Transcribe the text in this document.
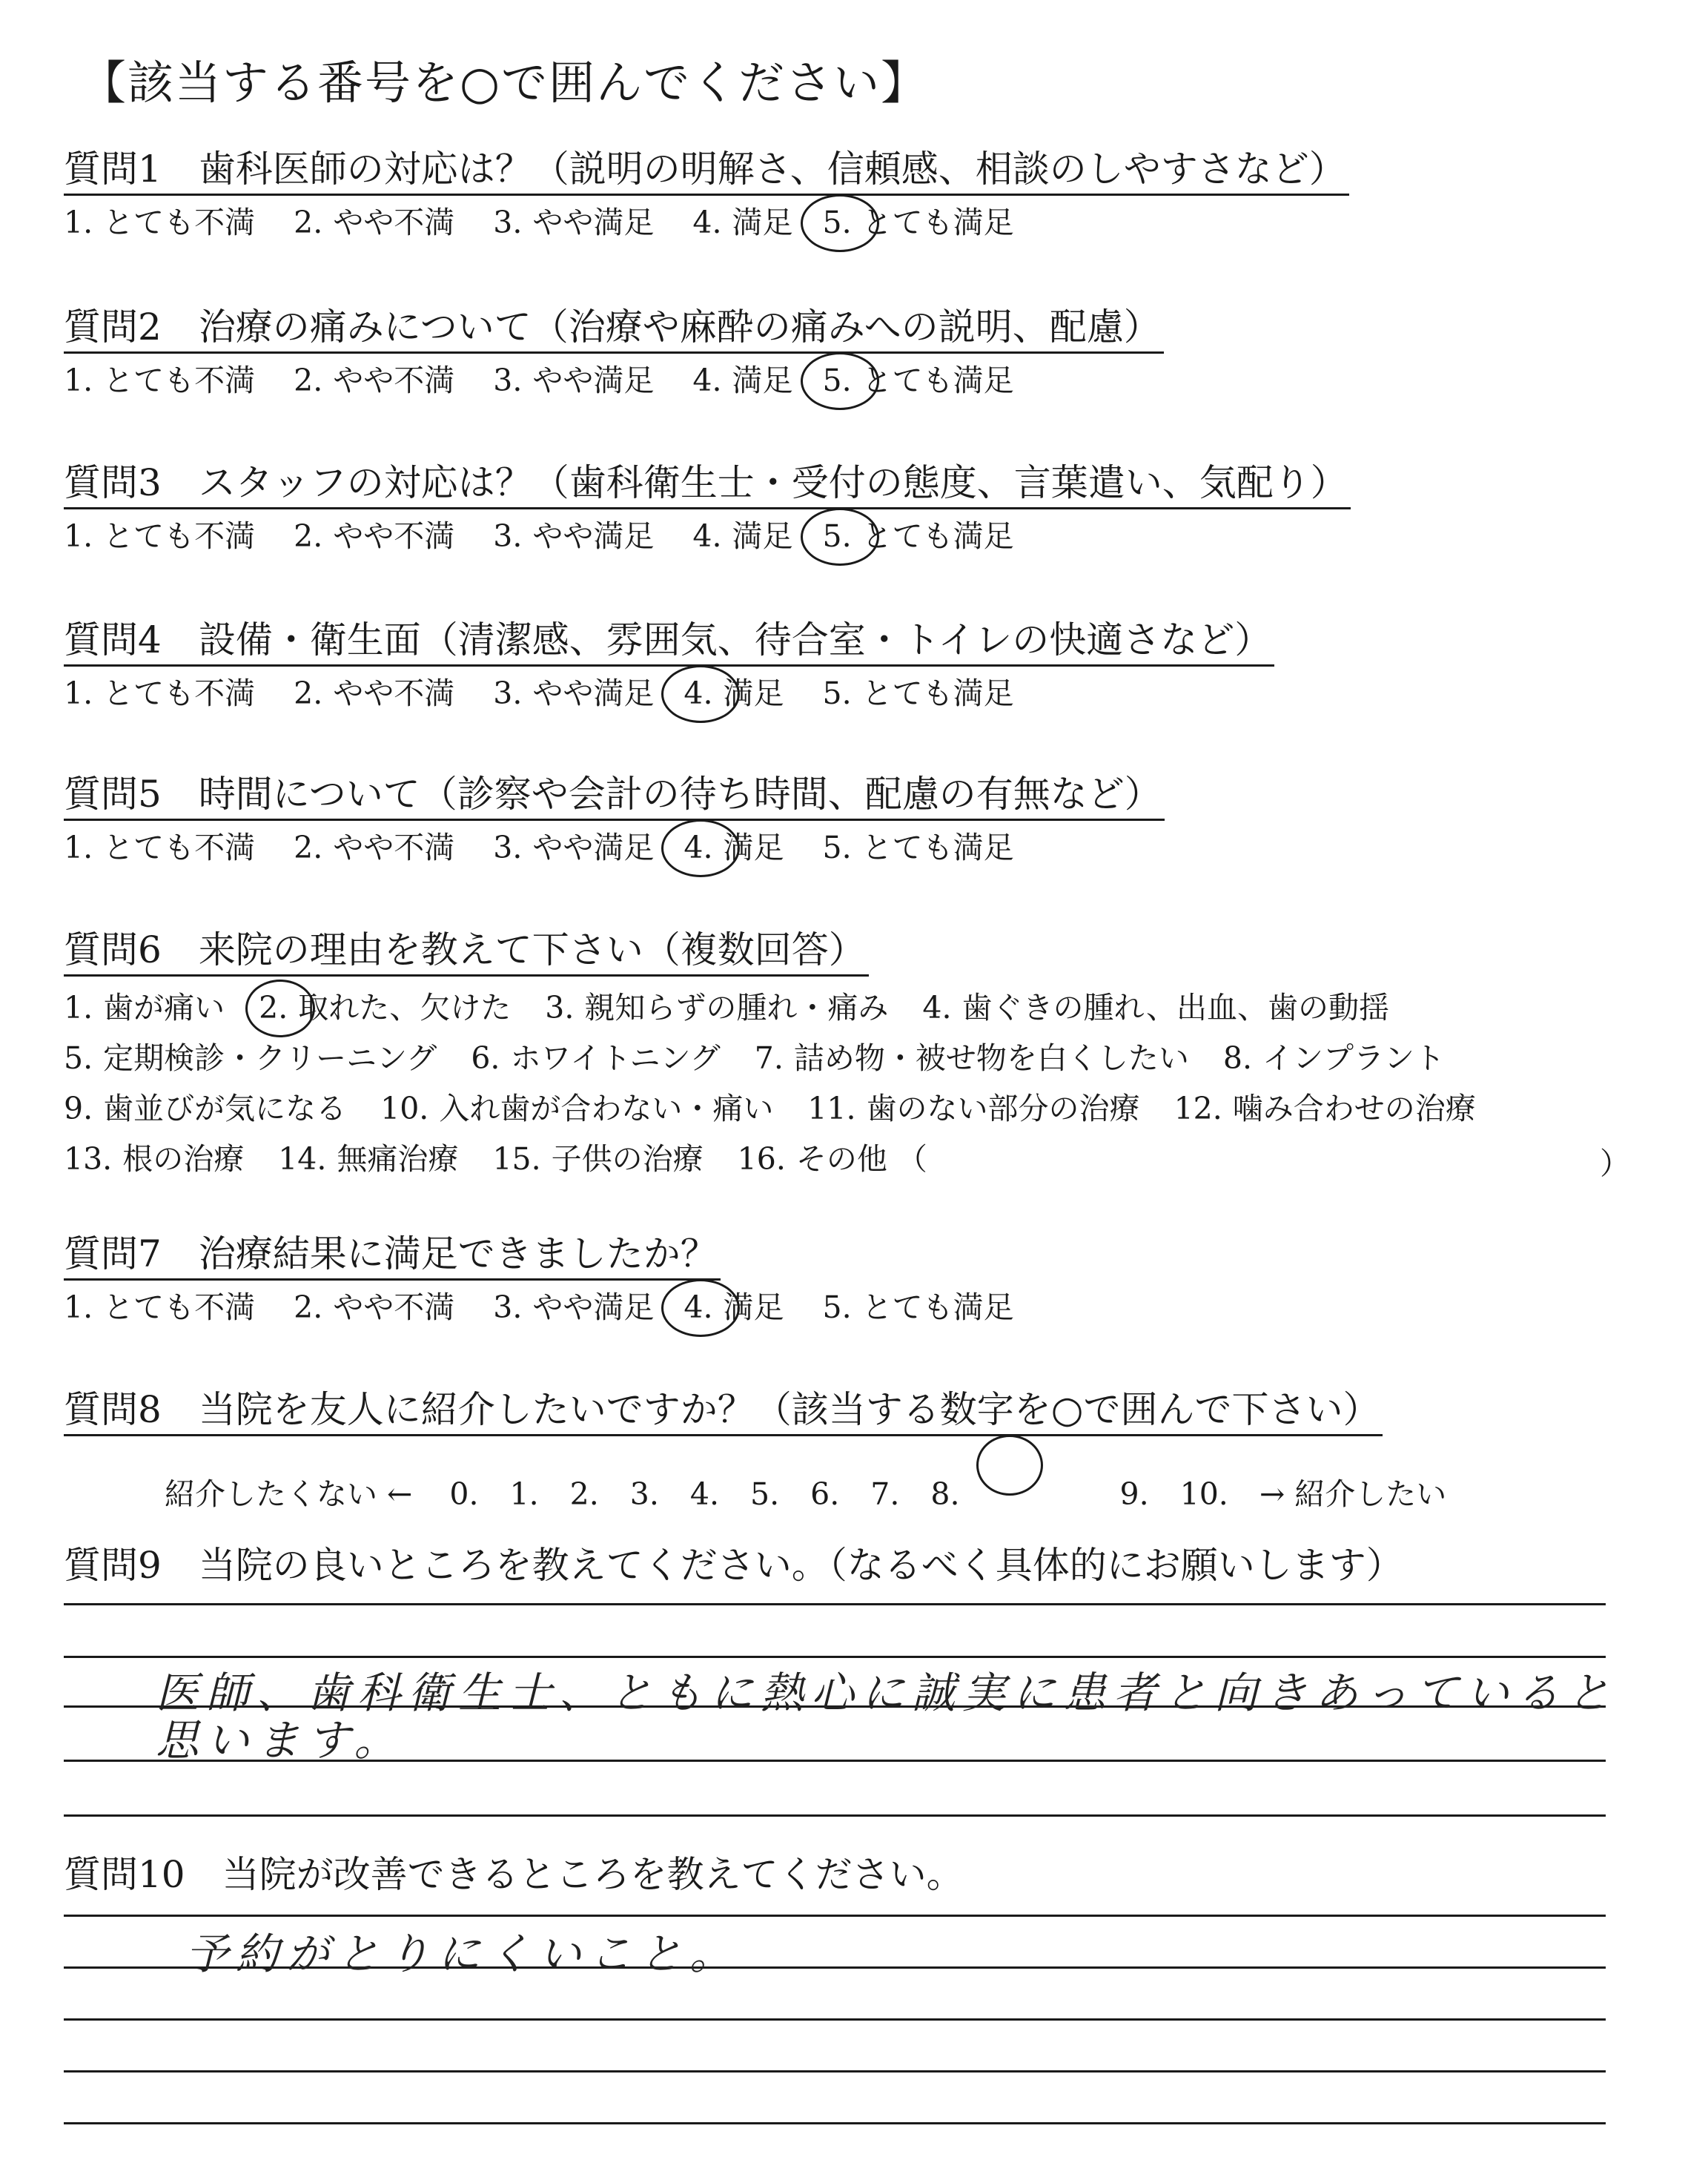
【該当する番号を○で囲んでください】
質問1　 歯科医師の対応は？（説明の明解さ、信頼感、相談のしやすさなど）
1. とても不満 2. やや不満 3. やや満足 4. 満足 5. とても満足
質問2　 治療の痛みについて（治療や麻酔の痛みへの説明、配慮）
1. とても不満 2. やや不満 3. やや満足 4. 満足 5. とても満足
質問3　 スタッフの対応は？（歯科衛生士・受付の態度、言葉遣い、気配り）
1. とても不満 2. やや不満 3. やや満足 4. 満足 5. とても満足
質問4　 設備・衛生面（清潔感、雰囲気、待合室・トイレの快適さなど）
1. とても不満 2. やや不満 3. やや満足 4. 満足 5. とても満足
質問5　 時間について（診察や会計の待ち時間、配慮の有無など）
1. とても不満 2. やや不満 3. やや満足 4. 満足 5. とても満足
質問6　 来院の理由を教えて下さい（複数回答）
1. 歯が痛い 2. 取れた、欠けた 3. 親知らずの腫れ・痛み 4. 歯ぐきの腫れ、出血、歯の動揺
5. 定期検診・クリーニング 6. ホワイトニング 7. 詰め物・被せ物を白くしたい 8. インプラント
9. 歯並びが気になる 10. 入れ歯が合わない・痛い 11. 歯のない部分の治療 12. 噛み合わせの治療
13. 根の治療 14. 無痛治療 15. 子供の治療 16. その他 （	）
質問7　 治療結果に満足できましたか？
1. とても不満 2. やや不満 3. やや満足 4. 満足 5. とても満足
質問8　 当院を友人に紹介したいですか？（該当する数字を○で囲んで下さい）
紹介したくない ← 0. 1. 2. 3. 4. 5. 6. 7. 8.	9. 10. → 紹介したい
質問9　 当院の良いところを教えてください。（なるべく具体的にお願いします）
医師、歯科衛生士、ともに熱心に誠実に患者と向きあっていると
思います。
質問10　 当院が改善できるところを教えてください。
予約がとりにくいこと。
